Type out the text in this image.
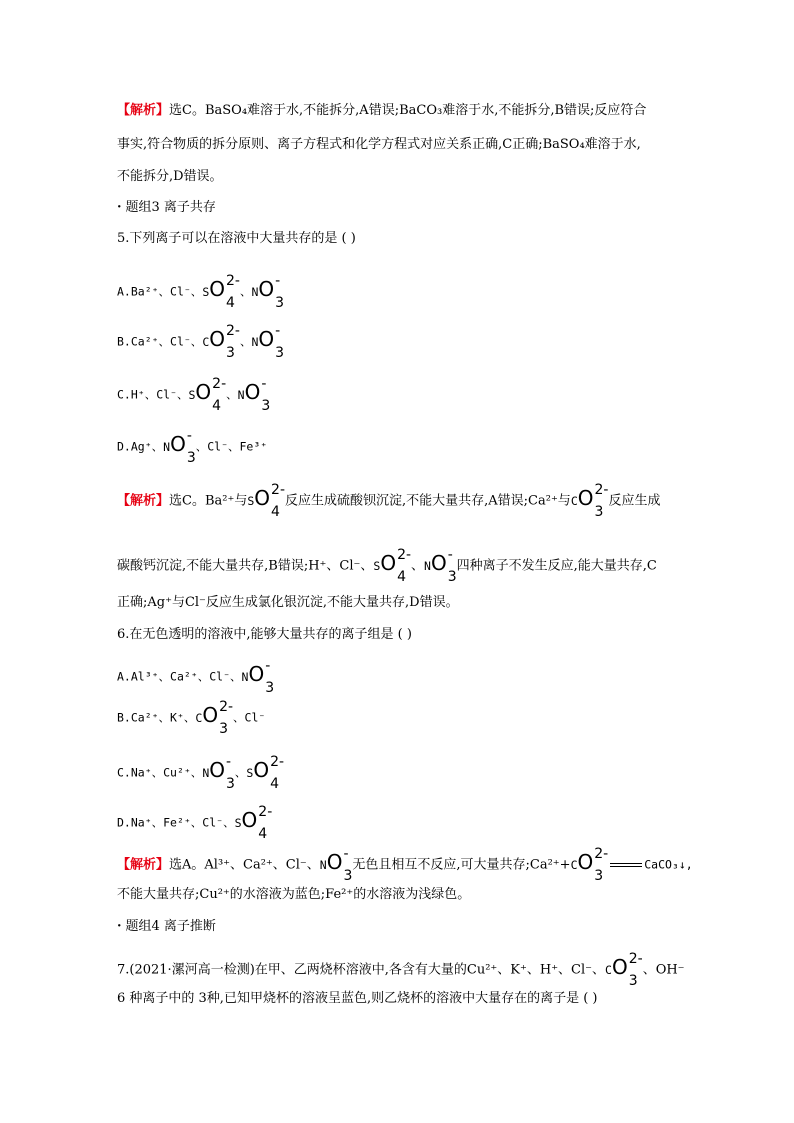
【解析】选C。BaSO₄难溶于水,不能拆分,A错误;BaCO₃难溶于水,不能拆分,B错误;反应符合
事实,符合物质的拆分原则、离子方程式和化学方程式对应关系正确,C正确;BaSO₄难溶于水,
不能拆分,D错误。
· 题组3 离子共存
5.下列离子可以在溶液中大量共存的是 ( )
A.Ba²⁺、Cl⁻、SO 2-
4
、NO -
3
B.Ca²⁺、Cl⁻、CO 2-
3
、NO -
3
C.H⁺、Cl⁻、SO 2-
4
、NO -
3
D.Ag⁺、NO -
3
、Cl⁻、Fe³⁺
【解析】选C。Ba²⁺与SO 2-
4
反应生成硫酸钡沉淀,不能大量共存,A错误;Ca²⁺与CO 2-
3
反应生成
碳酸钙沉淀,不能大量共存,B错误;H⁺、Cl⁻、SO 2-
4
、NO -
3
四种离子不发生反应,能大量共存,C
正确;Ag⁺与Cl⁻反应生成氯化银沉淀,不能大量共存,D错误。
6.在无色透明的溶液中,能够大量共存的离子组是 ( )
A.Al³⁺、Ca²⁺、Cl⁻、NO -
3
B.Ca²⁺、K⁺、CO 2-
3
、Cl⁻
C.Na⁺、Cu²⁺、NO -
3
、SO 2-
4
D.Na⁺、Fe²⁺、Cl⁻、SO 2-
4
【解析】选A。Al³⁺、Ca²⁺、Cl⁻、NO -
3
无色且相互不反应,可大量共存;Ca²⁺+CO 2-
3
CaCO₃↓,
不能大量共存;Cu²⁺的水溶液为蓝色;Fe²⁺的水溶液为浅绿色。
· 题组4 离子推断
7.(2021·漯河高一检测)在甲、乙两烧杯溶液中,各含有大量的Cu²⁺、K⁺、H⁺、Cl⁻、CO 2-
3
、OH⁻
6 种离子中的 3种,已知甲烧杯的溶液呈蓝色,则乙烧杯的溶液中大量存在的离子是 ( )
